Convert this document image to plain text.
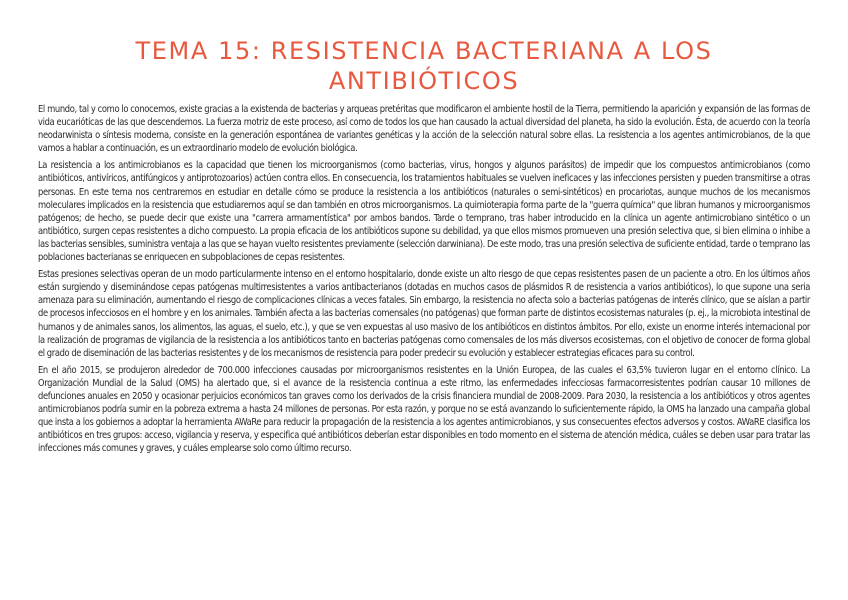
TEMA 15: RESISTENCIA BACTERIANA A LOS ANTIBIÓTICOS

El mundo, tal y como lo conocemos, existe gracias a la existenda de bacterias y arqueas pretéritas que modificaron el ambiente hostil de la Tierra, permitiendo la aparición y expansión de las formas de vida eucarióticas de las que descendemos. La fuerza motriz de este proceso, así como de todos los que han causado la actual diversidad del planeta, ha sido la evolución. Ésta, de acuerdo con la teoría neodarwinista o síntesis moderna, consiste en la generación espontánea de variantes genéticas y la acción de la selección natural sobre ellas. La resistencia a los agentes antimicrobianos, de la que vamos a hablar a continuación, es un extraordinario modelo de evolución biológica.

La resistencia a los antimicrobianos es la capacidad que tienen los microorganismos (como bacterias, virus, hongos y algunos parásitos) de impedir que los compuestos antimicrobianos (como antibióticos, antivíricos, antifúngicos y antiprotozoarios) actúen contra ellos. En consecuencia, los tratamientos habituales se vuelven ineficaces y las infecciones persisten y pueden transmitirse a otras personas. En este tema nos centraremos en estudiar en detalle cómo se produce la resistencia a los antibióticos (naturales o semi-sintéticos) en procariotas, aunque muchos de los mecanismos moleculares implicados en la resistencia que estudiaremos aquí se dan también en otros microorganismos. La quimioterapia forma parte de la "guerra química" que libran humanos y microorganismos patógenos; de hecho, se puede decir que existe una "carrera armamentística" por ambos bandos. Tarde o temprano, tras haber introducido en la clínica un agente antimicrobiano sintético o un antibiótico, surgen cepas resistentes a dicho compuesto. La propia eficacia de los antibióticos supone su debilidad, ya que ellos mismos promueven una presión selectiva que, si bien elimina o inhibe a las bacterias sensibles, suministra ventaja a las que se hayan vuelto resistentes previamente (selección darwiniana). De este modo, tras una presión selectiva de suficiente entidad, tarde o temprano las poblaciones bacterianas se enriquecen en subpoblaciones de cepas resistentes.

Estas presiones selectivas operan de un modo particularmente intenso en el entorno hospitalario, donde existe un alto riesgo de que cepas resistentes pasen de un paciente a otro. En los últimos años están surgiendo y diseminándose cepas patógenas multirresistentes a varios antibacterianos (dotadas en muchos casos de plásmidos R de resistencia a varios antibióticos), lo que supone una seria amenaza para su eliminación, aumentando el riesgo de complicaciones clínicas a veces fatales. Sin embargo, la resistencia no afecta solo a bacterias patógenas de interés clínico, que se aíslan a partir de procesos infecciosos en el hombre y en los animales. También afecta a las bacterias comensales (no patógenas) que forman parte de distintos ecosistemas naturales (p. ej., la microbiota intestinal de humanos y de animales sanos, los alimentos, las aguas, el suelo, etc.), y que se ven expuestas al uso masivo de los antibióticos en distintos ámbitos. Por ello, existe un enorme interés internacional por la realización de programas de vigilancia de la resistencia a los antibióticos tanto en bacterias patógenas como comensales de los más diversos ecosistemas, con el objetivo de conocer de forma global el grado de diseminación de las bacterias resistentes y de los mecanismos de resistencia para poder predecir su evolución y establecer estrategias eficaces para su control.

En el año 2015, se produjeron alrededor de 700.000 infecciones causadas por microorganismos resistentes en la Unión Europea, de las cuales el 63,5% tuvieron lugar en el entorno clínico. La Organización Mundial de la Salud (OMS) ha alertado que, si el avance de la resistencia continua a este ritmo, las enfermedades infecciosas farmacorresistentes podrían causar 10 millones de defunciones anuales en 2050 y ocasionar perjuicios económicos tan graves como los derivados de la crisis financiera mundial de 2008-2009. Para 2030, la resistencia a los antibióticos y otros agentes antimicrobianos podría sumir en la pobreza extrema a hasta 24 millones de personas. Por esta razón, y porque no se está avanzando lo suficientemente rápido, la OMS ha lanzado una campaña global que insta a los gobiernos a adoptar la herramienta AWaRe para reducir la propagación de la resistencia a los agentes antimicrobianos, y sus consecuentes efectos adversos y costos. AWaRE clasifica los antibióticos en tres grupos: acceso, vigilancia y reserva, y especifica qué antibióticos deberían estar disponibles en todo momento en el sistema de atención médica, cuáles se deben usar para tratar las infecciones más comunes y graves, y cuáles emplearse solo como último recurso.
